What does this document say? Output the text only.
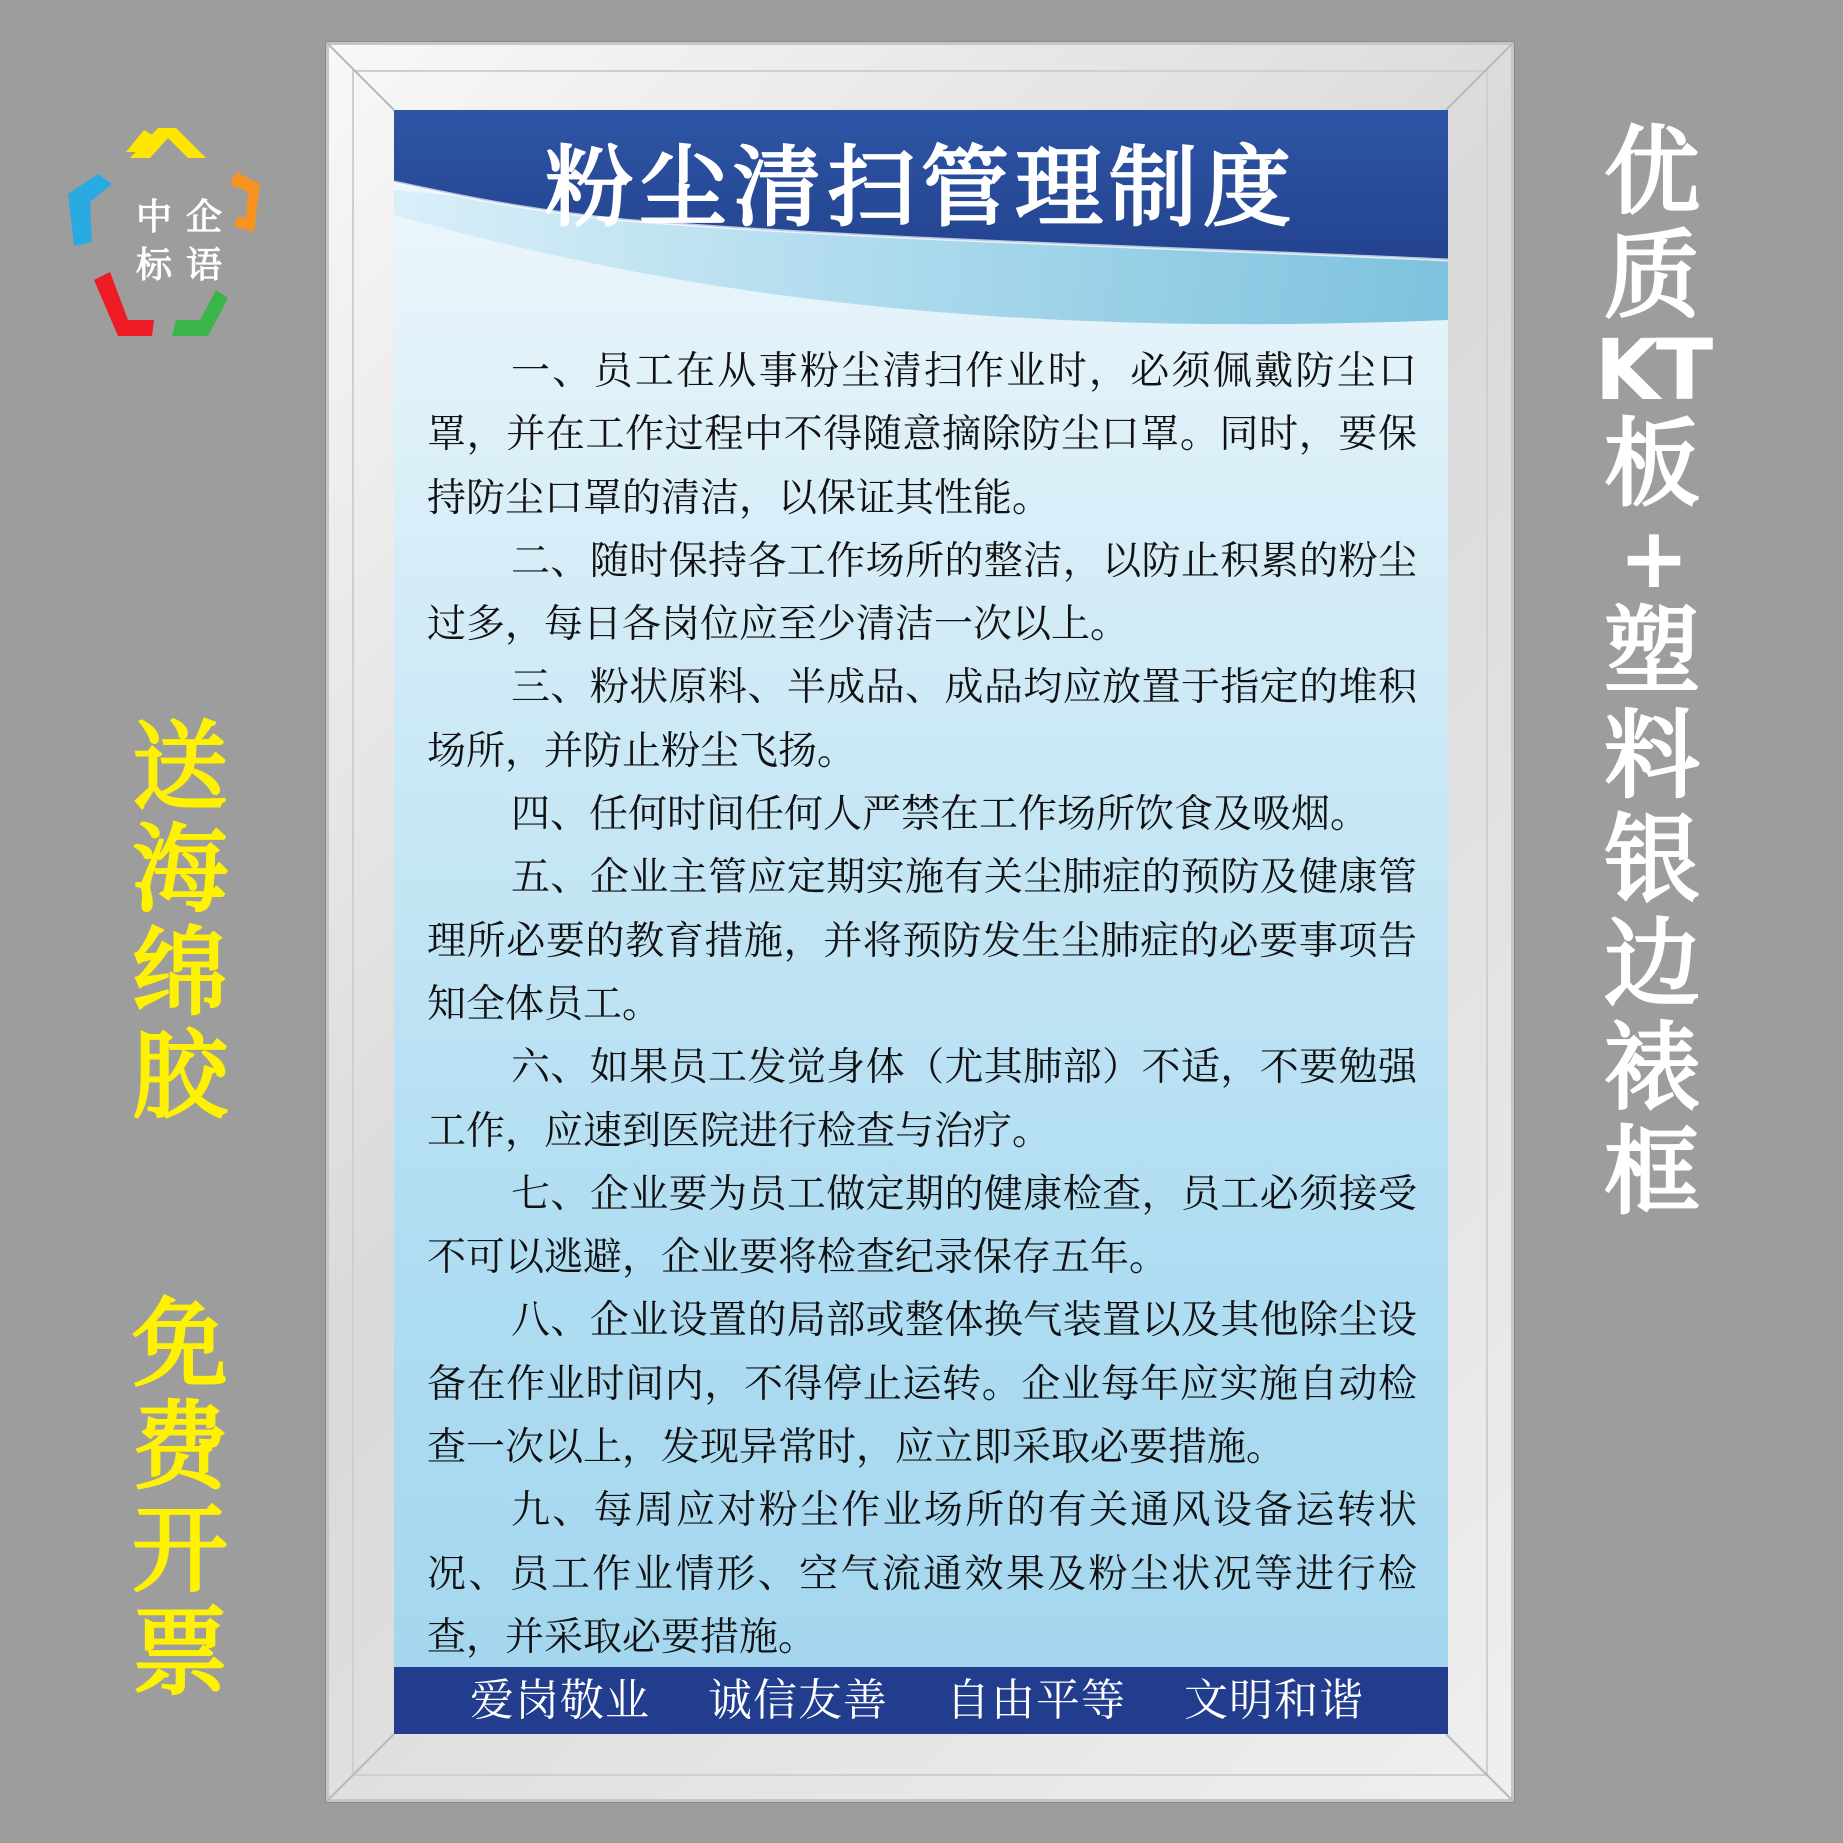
中 企
标 语
送
海
绵
胶
免
费
开
票
优
质
KT
板
+
塑
料
银
边
裱
框
粉尘清扫管理制度

一、员工在从事粉尘清扫作业时，必须佩戴防尘口罩，并在工作过程中不得随意摘除防尘口罩。同时，要保持防尘口罩的清洁，以保证其性能。

二、随时保持各工作场所的整洁，以防止积累的粉尘过多，每日各岗位应至少清洁一次以上。

三、粉状原料、半成品、成品均应放置于指定的堆积场所，并防止粉尘飞扬。

四、任何时间任何人严禁在工作场所饮食及吸烟。

五、企业主管应定期实施有关尘肺症的预防及健康管理所必要的教育措施，并将预防发生尘肺症的必要事项告知全体员工。

六、如果员工发觉身体（尤其肺部）不适，不要勉强工作，应速到医院进行检查与治疗。

七、企业要为员工做定期的健康检查，员工必须接受不可以逃避，企业要将检查纪录保存五年。

八、企业设置的局部或整体换气装置以及其他除尘设备在作业时间内，不得停止运转。企业每年应实施自动检查一次以上，发现异常时，应立即采取必要措施。

九、每周应对粉尘作业场所的有关通风设备运转状况、员工作业情形、空气流通效果及粉尘状况等进行检查，并采取必要措施。

爱岗敬业	诚信友善	自由平等	文明和谐
